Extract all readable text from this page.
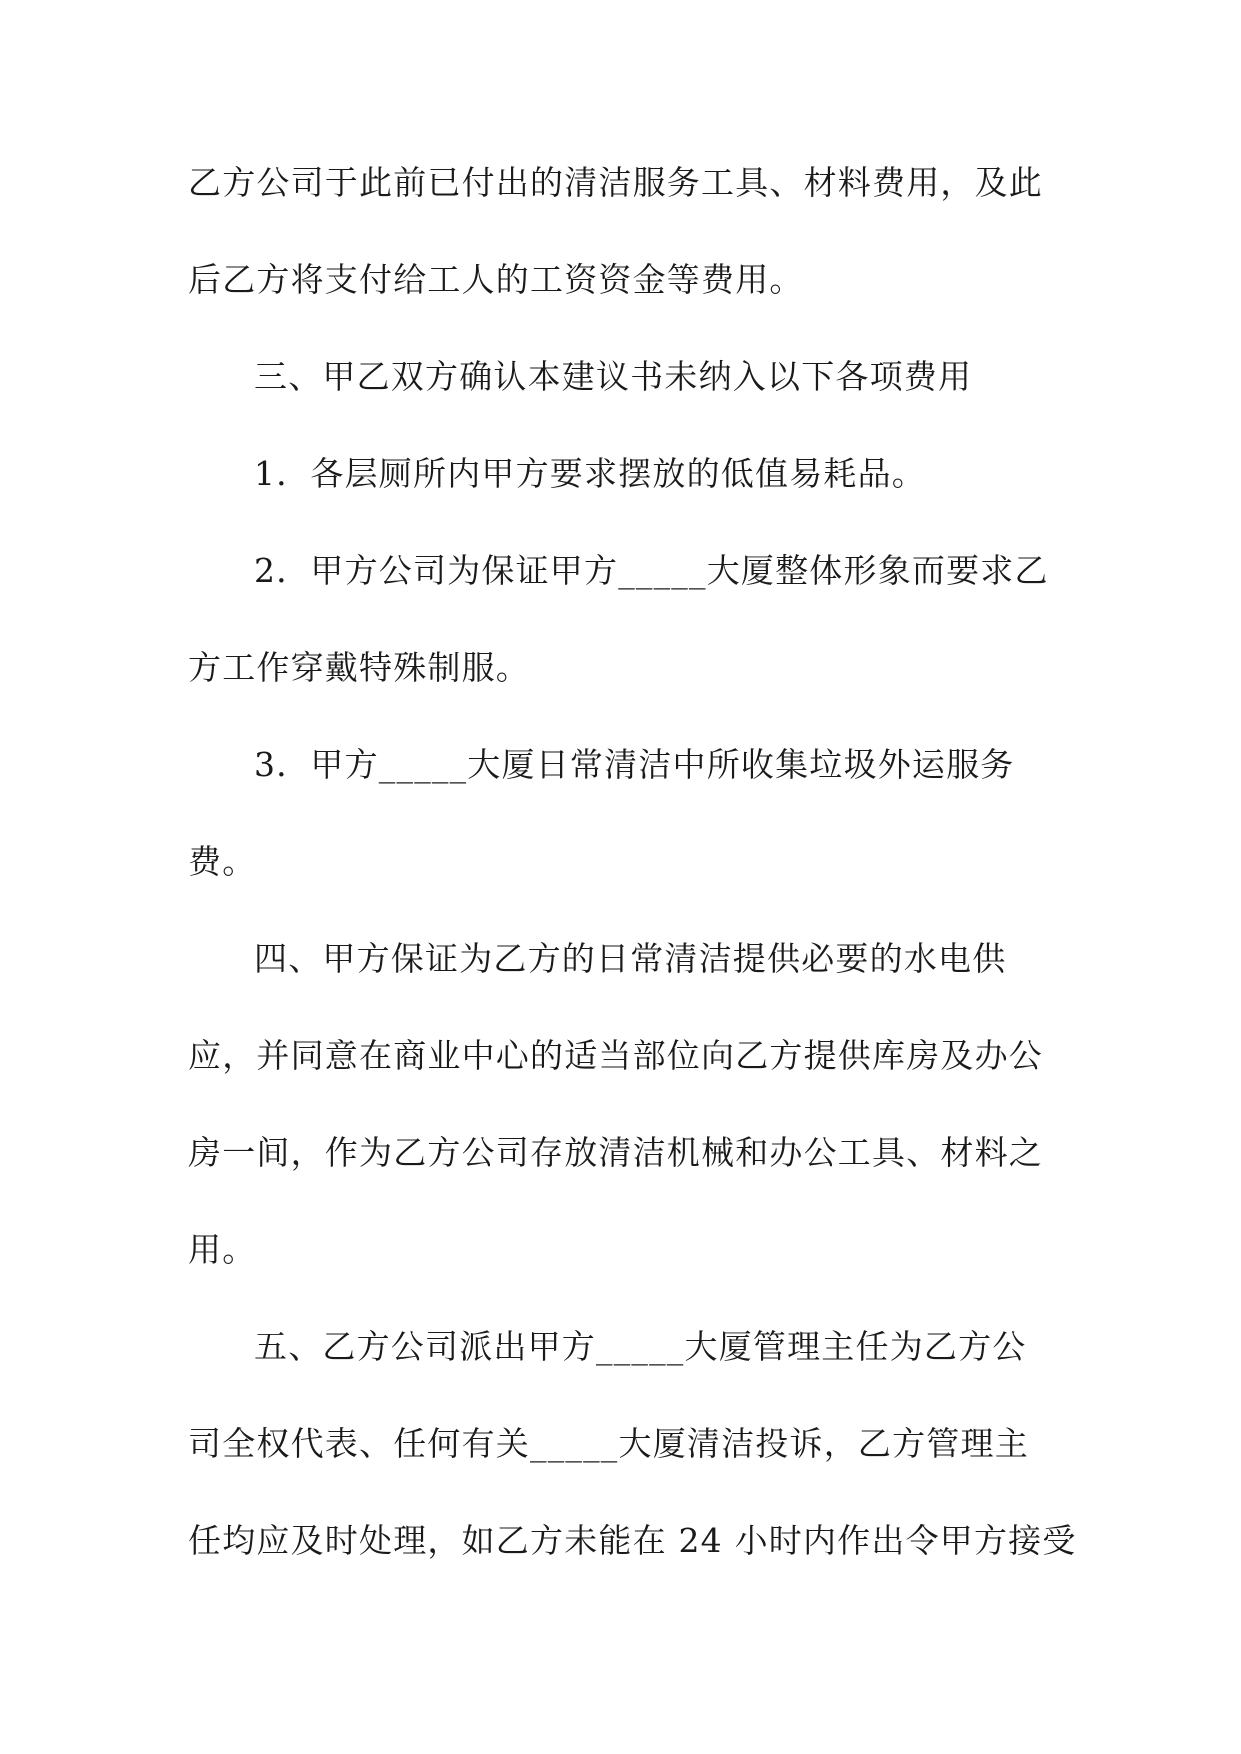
乙方公司于此前已付出的清洁服务工具、材料费用，及此
后乙方将支付给工人的工资资金等费用。
三、甲乙双方确认本建议书未纳入以下各项费用
1．各层厕所内甲方要求摆放的低值易耗品。
2．甲方公司为保证甲方_____大厦整体形象而要求乙
方工作穿戴特殊制服。
3．甲方_____大厦日常清洁中所收集垃圾外运服务
费。
四、甲方保证为乙方的日常清洁提供必要的水电供
应，并同意在商业中心的适当部位向乙方提供库房及办公
房一间，作为乙方公司存放清洁机械和办公工具、材料之
用。
五、乙方公司派出甲方_____大厦管理主任为乙方公
司全权代表、任何有关_____大厦清洁投诉，乙方管理主
任均应及时处理，如乙方未能在 24 小时内作出令甲方接受
